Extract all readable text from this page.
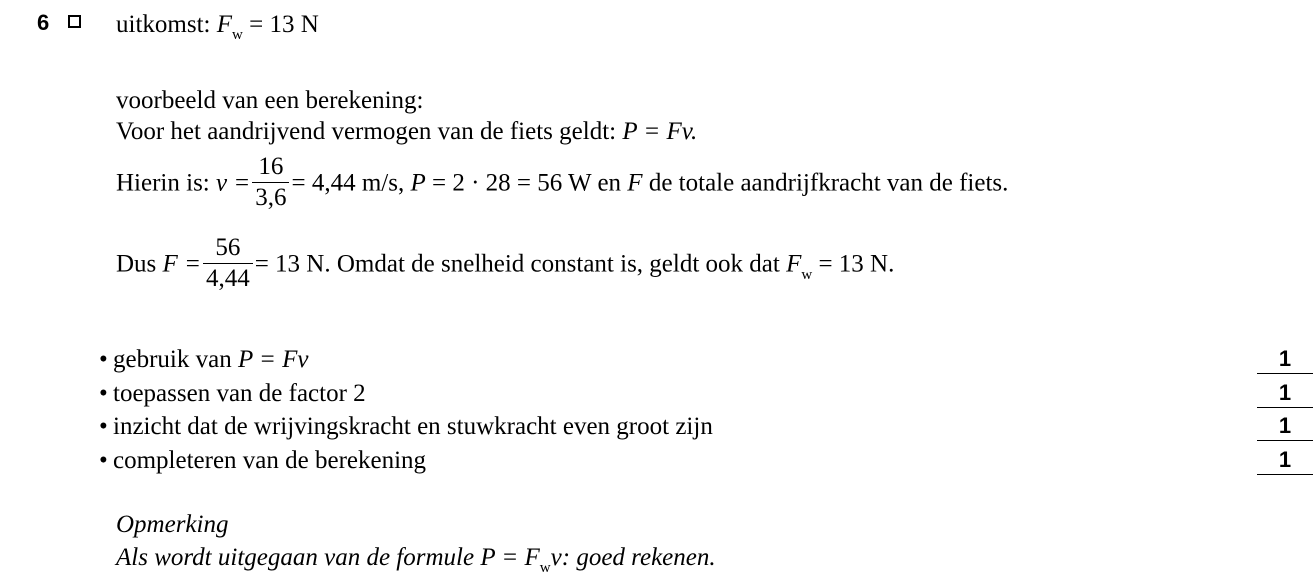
6	uitkomst: $F_w = 13$ N
voorbeeld van een berekening:
Voor het aandrijvend vermogen van de fiets geldt: P = Fv.
Hierin is: $v = \frac{16}{3,6} = 4,44$ m/s, P = 2 · 28 = 56 W en F de totale aandrijfkracht van de fiets.
Dus $F = \frac{56}{4,44} = 13$ N. Omdat de snelheid constant is, geldt ook dat $F_w = 13$ N.
• gebruik van P = Fv
• toepassen van de factor 2
• inzicht dat de wrijvingskracht en stuwkracht even groot zijn
• completeren van de berekening
1
1
1
1
Opmerking
Als wordt uitgegaan van de formule $P = F_wv$: goed rekenen.
